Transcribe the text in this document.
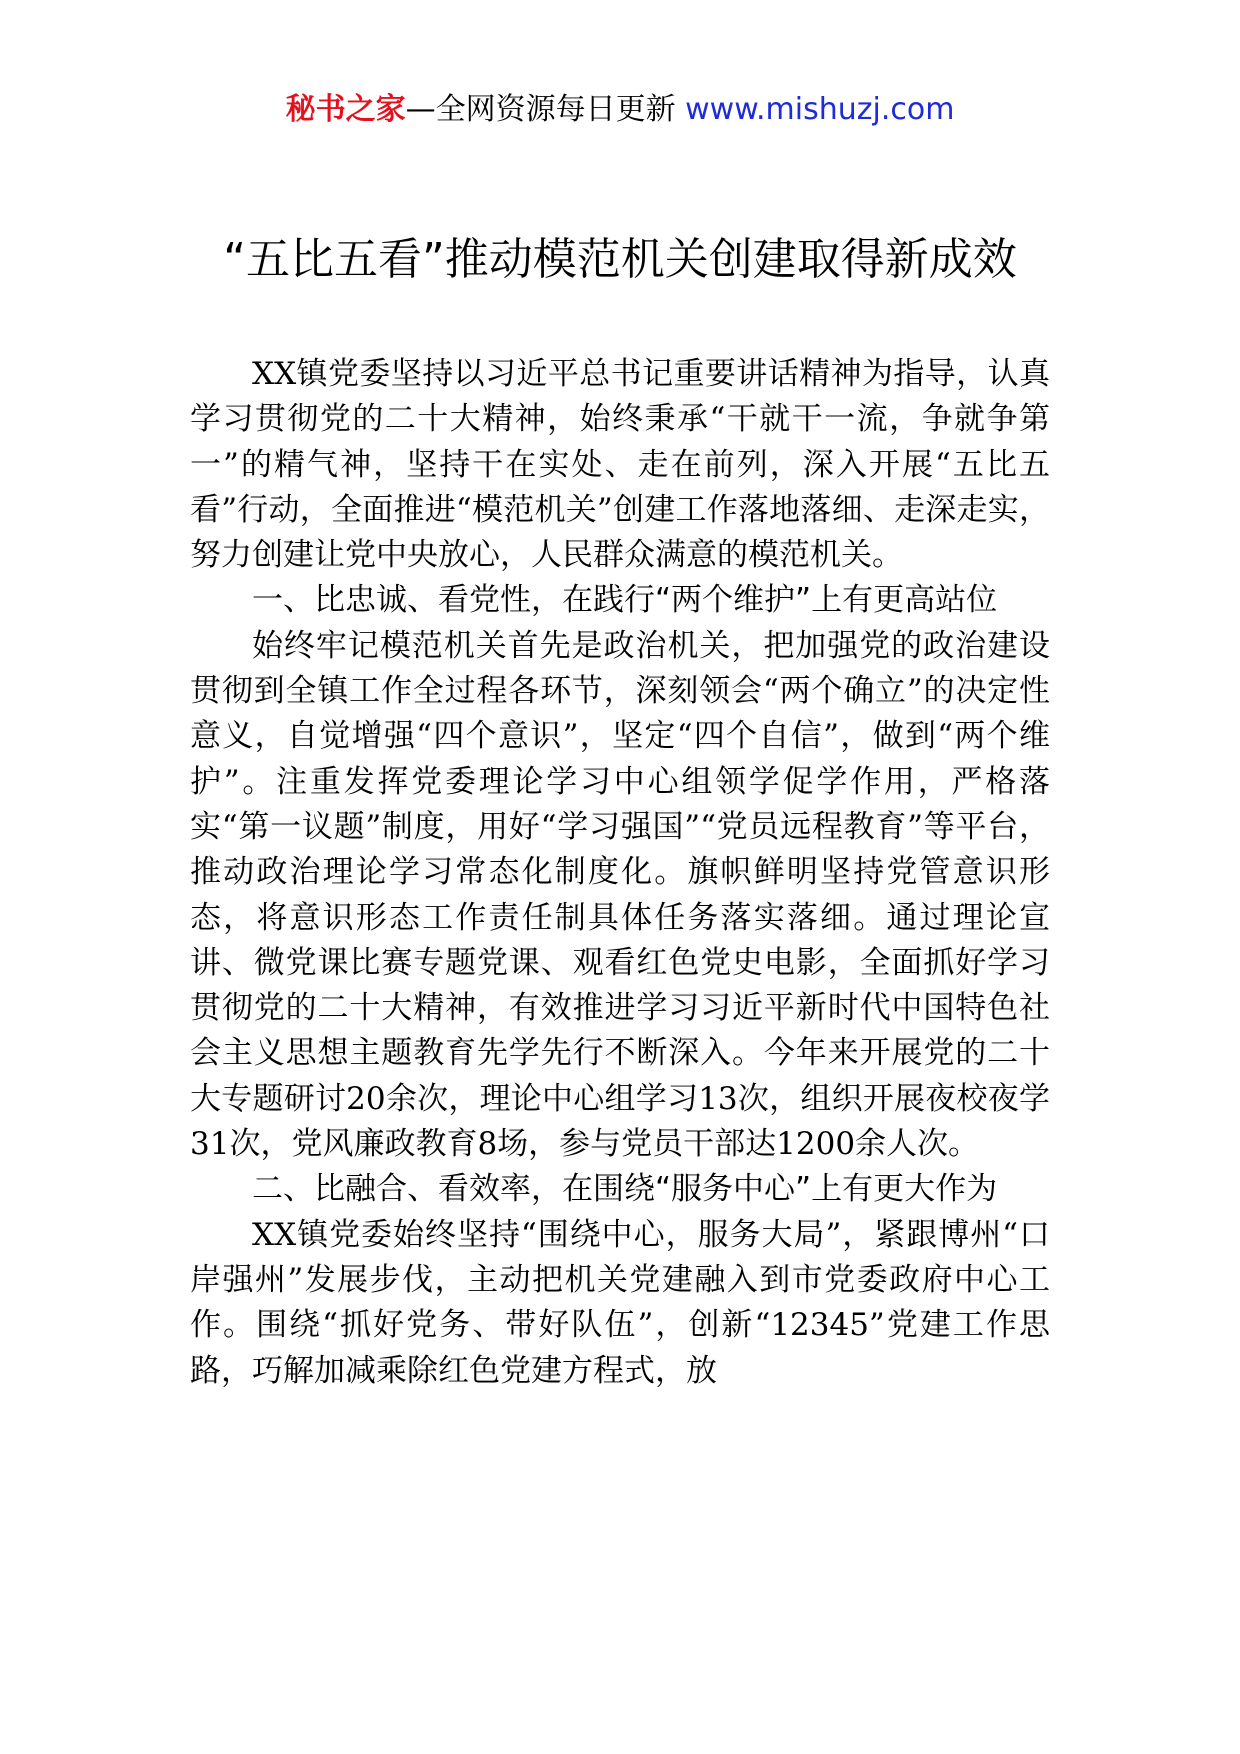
秘书之家—全网资源每日更新 www.mishuzj.com
“五比五看”推动模范机关创建取得新成效

XX镇党委坚持以习近平总书记重要讲话精神为指导，认真学习贯彻党的二十大精神，始终秉承“干就干一流，争就争第一”的精气神，坚持干在实处、走在前列，深入开展“五比五看”行动，全面推进“模范机关”创建工作落地落细、走深走实，努力创建让党中央放心，人民群众满意的模范机关。

一、比忠诚、看党性，在践行“两个维护”上有更高站位

始终牢记模范机关首先是政治机关，把加强党的政治建设贯彻到全镇工作全过程各环节，深刻领会“两个确立”的决定性意义，自觉增强“四个意识”，坚定“四个自信”，做到“两个维护”。注重发挥党委理论学习中心组领学促学作用，严格落实“第一议题”制度，用好“学习强国”“党员远程教育”等平台，推动政治理论学习常态化制度化。旗帜鲜明坚持党管意识形态，将意识形态工作责任制具体任务落实落细。通过理论宣讲、微党课比赛专题党课、观看红色党史电影，全面抓好学习贯彻党的二十大精神，有效推进学习习近平新时代中国特色社会主义思想主题教育先学先行不断深入。今年来开展党的二十大专题研讨20余次，理论中心组学习13次，组织开展夜校夜学31次，党风廉政教育8场，参与党员干部达1200余人次。

二、比融合、看效率，在围绕“服务中心”上有更大作为

XX镇党委始终坚持“围绕中心，服务大局”，紧跟博州“口岸强州”发展步伐，主动把机关党建融入到市党委政府中心工作。围绕“抓好党务、带好队伍”，创新“12345”党建工作思路，巧解加减乘除红色党建方程式，放
